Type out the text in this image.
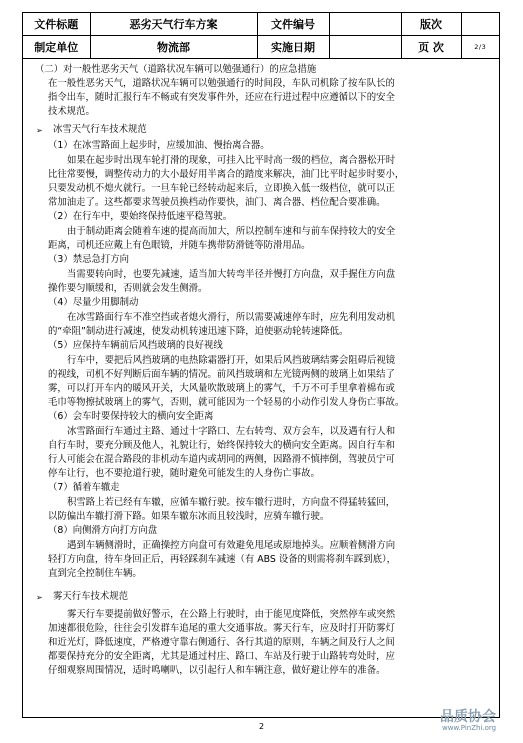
文件标题	恶劣天气行车方案	文件编号		版次	
制定单位	物流部	实施日期		页 次	2/3
（二）对一般性恶劣天气（道路状况车辆可以勉强通行）的应急措施
在一般性恶劣天气，道路状况车辆可以勉强通行的时间段，车队司机除了按车队长的
指令出车，随时汇报行车不畅或有突发事件外，还应在行进过程中应遵循以下的安全
技术规范。
➢ 冰雪天气行车技术规范
（1）在冰雪路面上起步时，应缓加油、慢抬离合器。
如果在起步时出现车轮打滑的现象，可挂入比平时高一级的档位，离合器松开时
比往常要慢，调整传动力的大小最好用半离合的踏度来解决，油门比平时起步时要小，
只要发动机不熄火就行。一旦车轮已经转动起来后，立即换入低一级档位，就可以正
常加油走了。这些都要求驾驶员换档动作要快，油门、离合器、档位配合要准确。
（2）在行车中，要始终保持低速平稳驾驶。
由于制动距离会随着车速的提高而加大，所以控制车速和与前车保持较大的安全
距离，司机还应戴上有色眼镜，并随车携带防滑链等防滑用品。
（3）禁忌急打方向
当需要转向时，也要先减速，适当加大转弯半径并慢打方向盘，双手握住方向盘
操作要匀顺缓和，否则就会发生侧滑。
（4）尽量少用脚制动
在冰雪路面行车不准空挡或者熄火滑行，所以需要减速停车时，应先利用发动机
的“牵阻”制动进行减速，使发动机转速迅速下降，迫使驱动轮转速降低。
（5）应保持车辆前后风挡玻璃的良好视线
行车中，要把后风挡玻璃的电热除霜器打开，如果后风挡玻璃结雾会阻碍后视镜
的视线，司机不好判断后面车辆的情况。前风挡玻璃和左光镜两侧的玻璃上如果结了
雾，可以打开车内的暖风开关，大风量吹散玻璃上的雾气，千万不可手里拿着棉布或
毛巾等物擦拭玻璃上的雾气，否则，就可能因为一个轻易的小动作引发人身伤亡事故。
（6）会车时要保持较大的横向安全距离
冰雪路面行车通过主路、通过十字路口、左右转弯、双方会车，以及遇有行人和
自行车时，要充分顾及他人，礼貌让行，始终保持较大的横向安全距离。因自行车和
行人可能会在混合路段的非机动车道内或胡同的两侧，因路滑不慎摔倒，驾驶员宁可
停车让行，也不要抢道行驶，随时避免可能发生的人身伤亡事故。
（7）循着车辙走
积雪路上若已经有车辙，应循车辙行驶。按车辙行进时，方向盘不得猛转猛回，
以防偏出车辙打滑下路。如果车辙东冰而且较浅时，应骑车辙行驶。
（8）向侧滑方向打方向盘
遇到车辆侧滑时，正确操控方向盘可有效避免甩尾或原地掉头。应顺着侧滑方向
轻打方向盘，待车身回正后，再轻踩刹车减速（有 ABS 设备的则需将刹车踩到底），
直到完全控制住车辆。
➢ 雾天行车技术规范
雾天行车要提前做好警示，在公路上行驶时，由于能见度降低，突然停车或突然
加速都很危险，往往会引发群车追尾的重大交通事故。雾天行车，应及时打开防雾灯
和近光灯，降低速度，严格遵守靠右侧通行、各行其道的原则，车辆之间及行人之间
都要保持充分的安全距离，尤其是通过村庄、路口、车站及行驶于山路转弯处时，应
仔细观察周围情况，适时鸣喇叭，以引起行人和车辆注意，做好避让停车的准备。
2
品质协会
www.PinZhi.org
